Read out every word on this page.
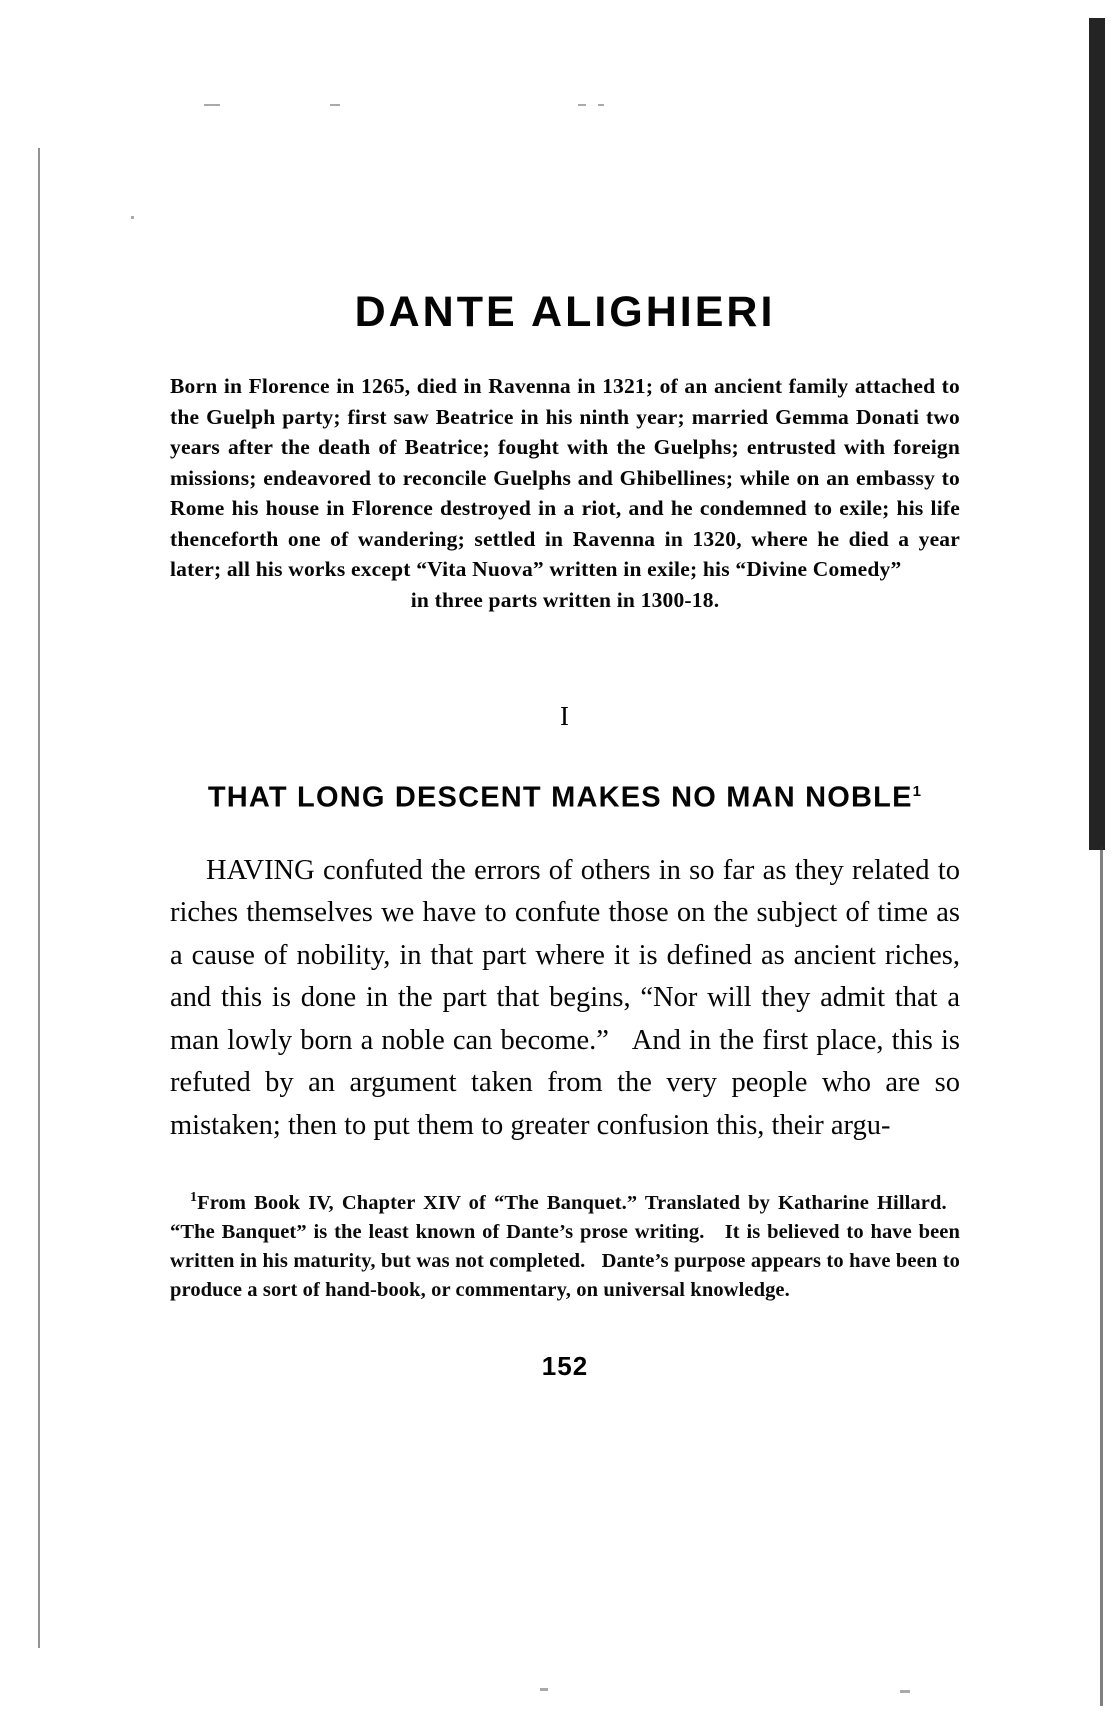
DANTE ALIGHIERI
Born in Florence in 1265, died in Ravenna in 1321; of an ancient family attached to the Guelph party; first saw Beatrice in his ninth year; married Gemma Donati two years after the death of Beatrice; fought with the Guelphs; entrusted with foreign missions; endeavored to reconcile Guelphs and Ghibellines; while on an embassy to Rome his house in Florence destroyed in a riot, and he condemned to exile; his life thenceforth one of wandering; settled in Ravenna in 1320, where he died a year later; all his works except “Vita Nuova” written in exile; his “Divine Comedy”
in three parts written in 1300-18.
I
THAT LONG DESCENT MAKES NO MAN NOBLE$^1$

HAVING confuted the errors of others in so far as they related to riches themselves we have to confute those on the subject of time as a cause of nobility, in that part where it is defined as ancient riches, and this is done in the part that begins, “Nor will they admit that a man lowly born a noble can become.”   And in the first place, this is refuted by an argument taken from the very people who are so mistaken; then to put them to greater confusion this, their argu-

$^1$From Book IV, Chapter XIV of “The Banquet.” Translated by Katharine Hillard.   “The Banquet” is the least known of Dante’s prose writing.   It is believed to have been written in his maturity, but was not completed.   Dante’s purpose appears to have been to produce a sort of hand-book, or commentary, on universal knowledge.
152
